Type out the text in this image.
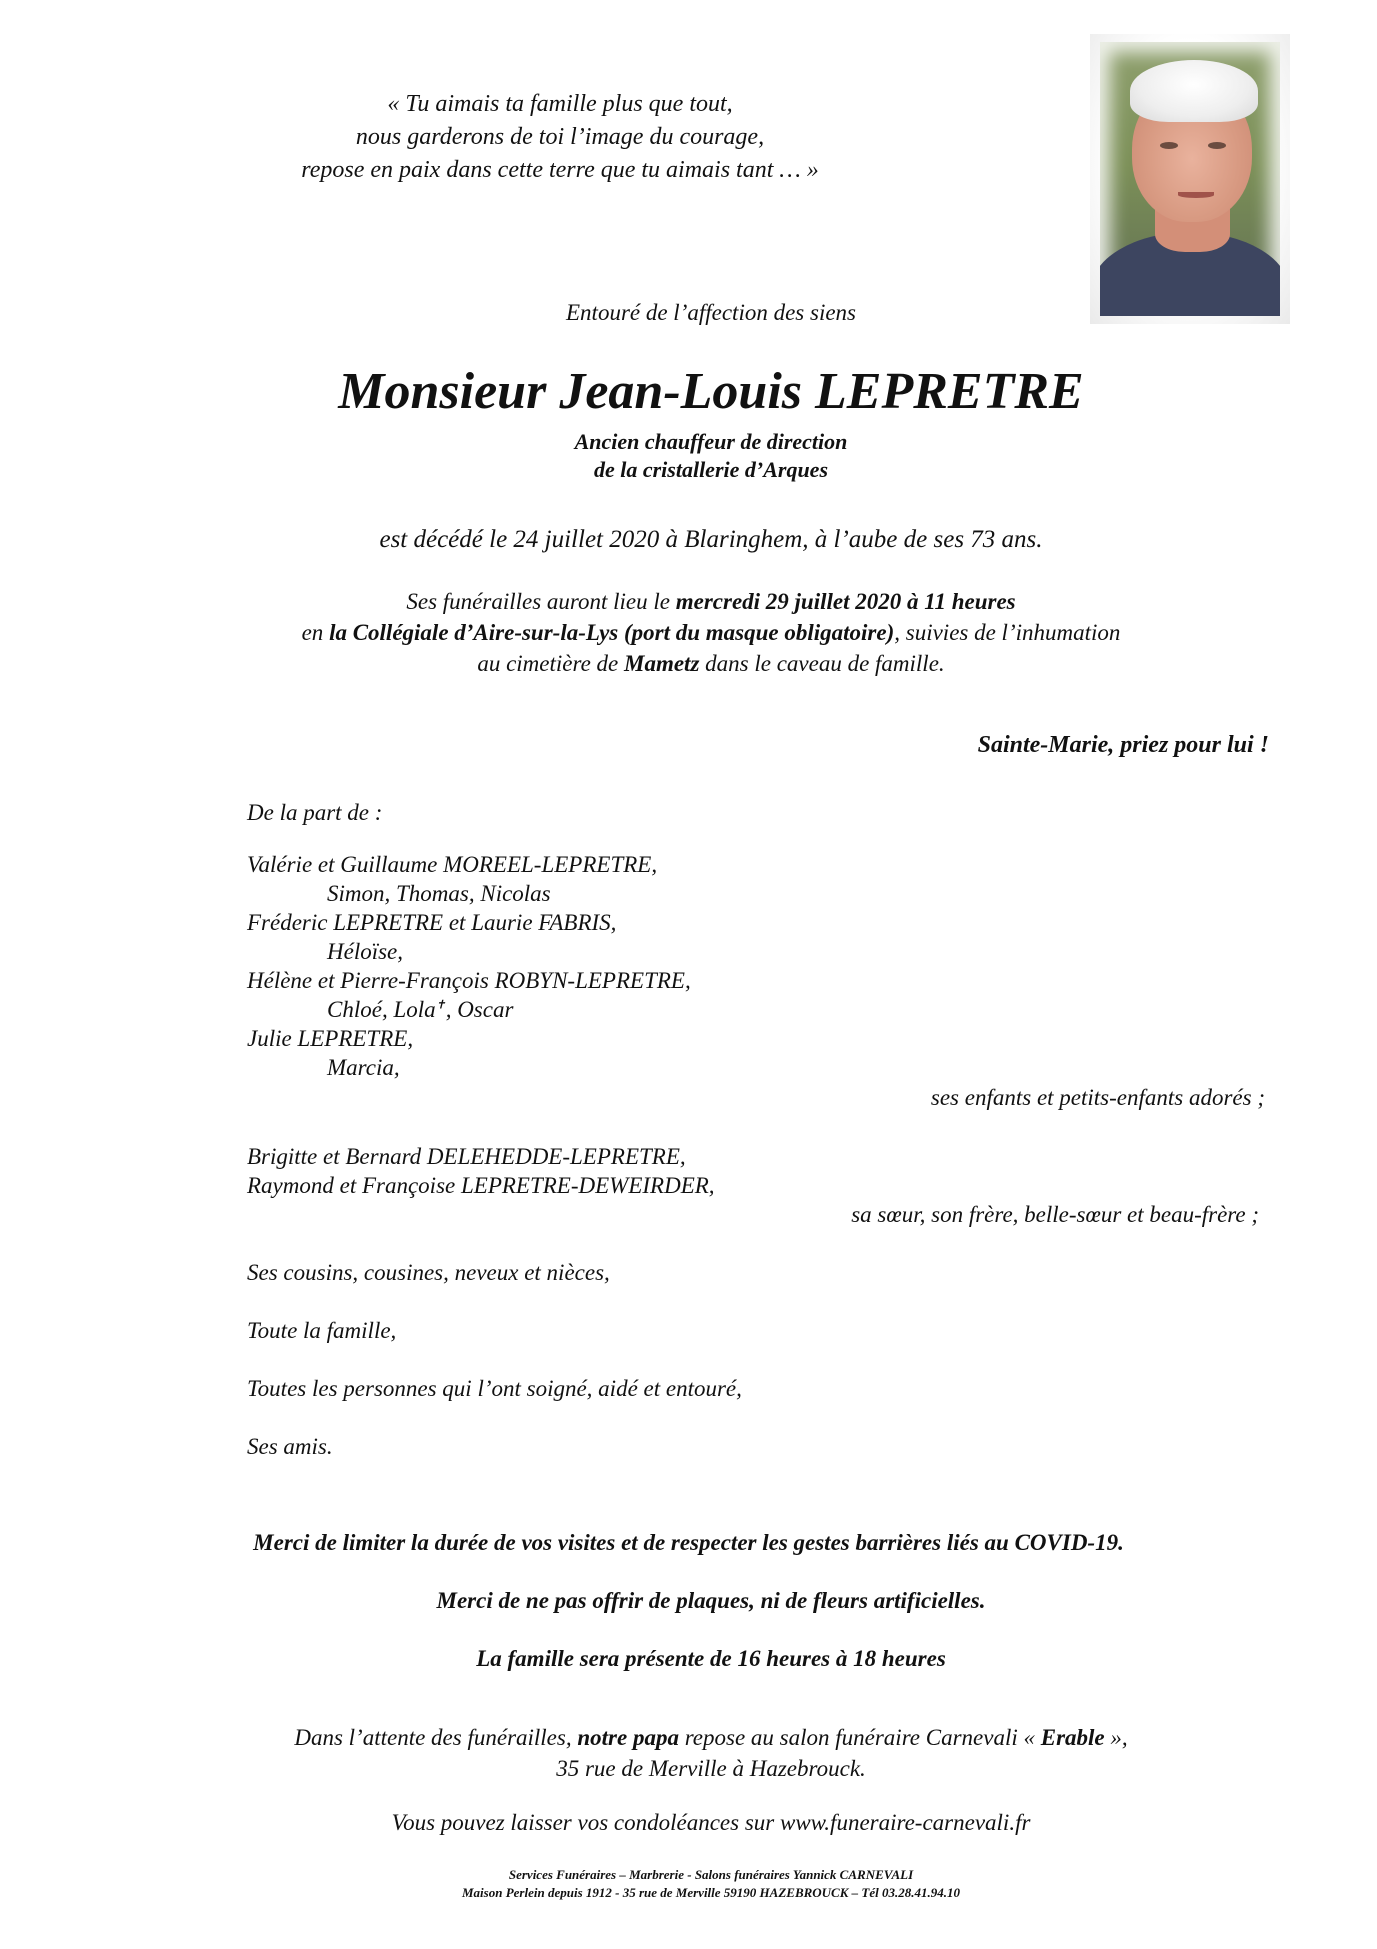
« Tu aimais ta famille plus que tout,
nous garderons de toi l’image du courage,
repose en paix dans cette terre que tu aimais tant … »
Entouré de l’affection des siens
Monsieur Jean-Louis LEPRETRE
Ancien chauffeur de direction
de la cristallerie d’Arques
est décédé le 24 juillet 2020 à Blaringhem, à l’aube de ses 73 ans.
Ses funérailles auront lieu le mercredi 29 juillet 2020 à 11 heures
en la Collégiale d’Aire-sur-la-Lys (port du masque obligatoire), suivies de l’inhumation
au cimetière de Mametz dans le caveau de famille.
Sainte-Marie, priez pour lui !
De la part de :
Valérie et Guillaume MOREEL-LEPRETRE,
Simon, Thomas, Nicolas
Fréderic LEPRETRE et Laurie FABRIS,
Héloïse,
Hélène et Pierre-François ROBYN-LEPRETRE,
Chloé, Lola✝, Oscar
Julie LEPRETRE,
Marcia,
ses enfants et petits-enfants adorés ;
Brigitte et Bernard DELEHEDDE-LEPRETRE,
Raymond et Françoise LEPRETRE-DEWEIRDER,
sa sœur, son frère, belle-sœur et beau-frère ;
Ses cousins, cousines, neveux et nièces,
Toute la famille,
Toutes les personnes qui l’ont soigné, aidé et entouré,
Ses amis.
Merci de limiter la durée de vos visites et de respecter les gestes barrières liés au COVID-19.
Merci de ne pas offrir de plaques, ni de fleurs artificielles.
La famille sera présente de 16 heures à 18 heures
Dans l’attente des funérailles, notre papa repose au salon funéraire Carnevali « Erable »,
35 rue de Merville à Hazebrouck.
Vous pouvez laisser vos condoléances sur www.funeraire-carnevali.fr
Services Funéraires – Marbrerie - Salons funéraires Yannick CARNEVALI
Maison Perlein depuis 1912 - 35 rue de Merville 59190 HAZEBROUCK – Tél 03.28.41.94.10
